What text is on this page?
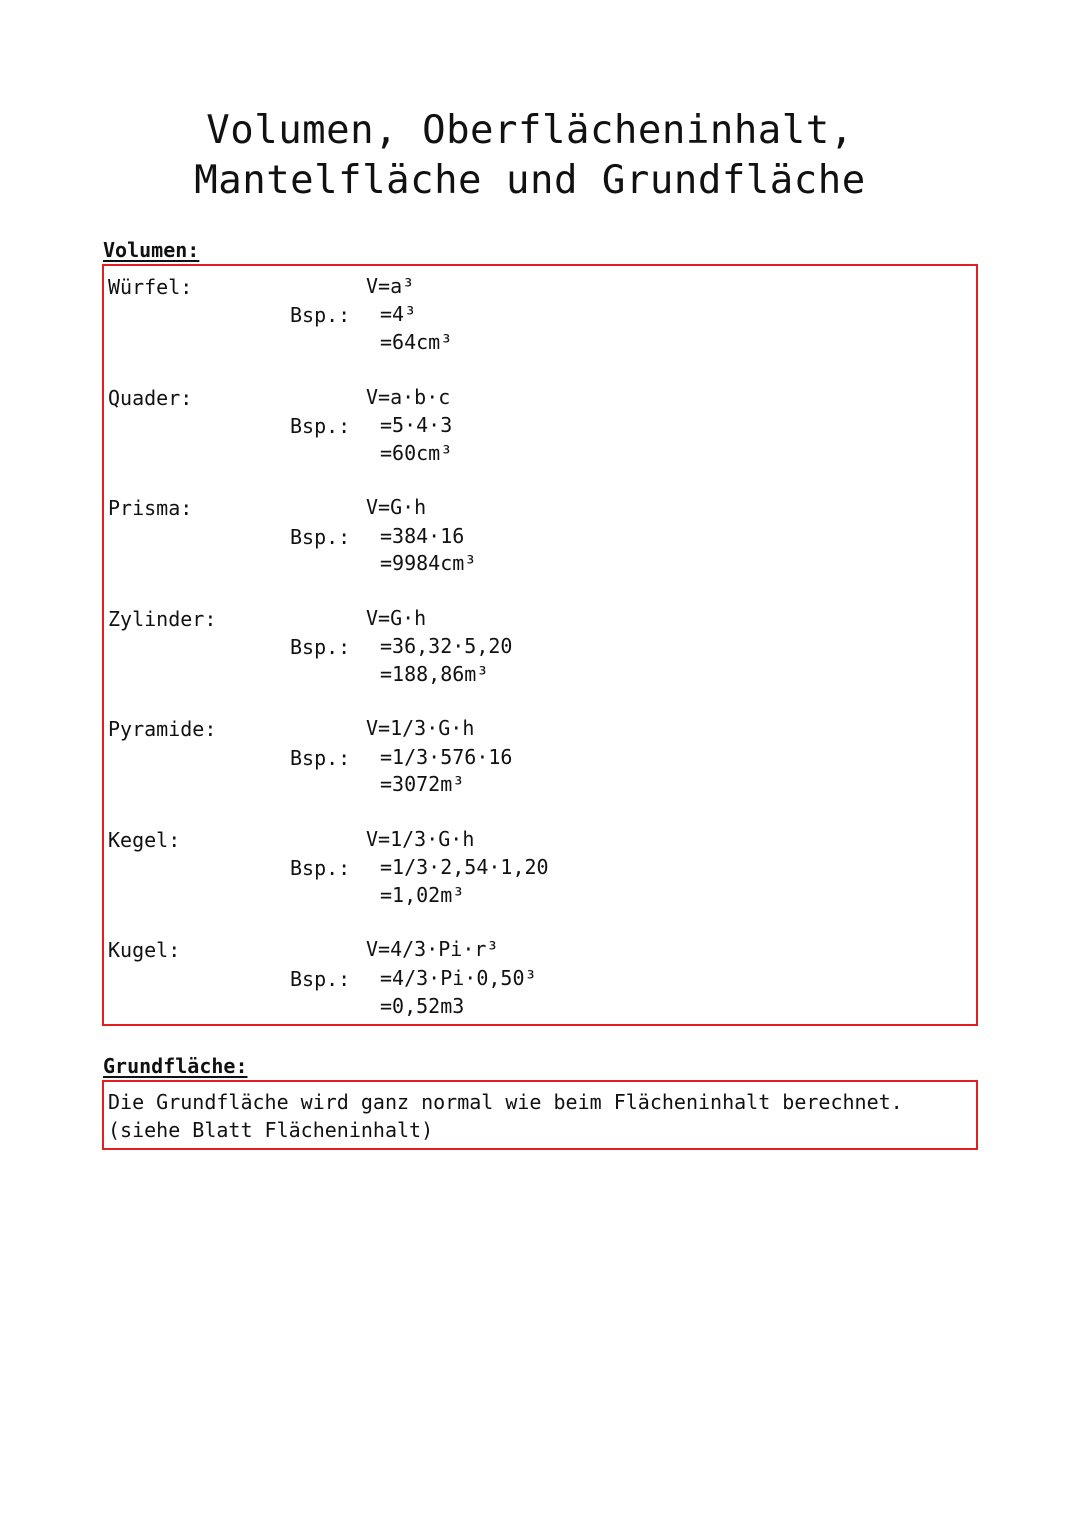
Volumen, Oberflächeninhalt,
Mantelfläche und Grundfläche
Volumen:
Würfel:	V=a³
Bsp.: =4³
=64cm³
Quader:	V=a·b·c
Bsp.: =5·4·3
=60cm³
Prisma:	V=G·h
Bsp.: =384·16
=9984cm³
Zylinder:	V=G·h
Bsp.: =36,32·5,20
=188,86m³
Pyramide:	V=1/3·G·h
Bsp.: =1/3·576·16
=3072m³
Kegel:	V=1/3·G·h
Bsp.: =1/3·2,54·1,20
=1,02m³
Kugel:	V=4/3·Pi·r³
Bsp.: =4/3·Pi·0,50³
=0,52m3
Grundfläche:
Die Grundfläche wird ganz normal wie beim Flächeninhalt berechnet.
(siehe Blatt Flächeninhalt)
